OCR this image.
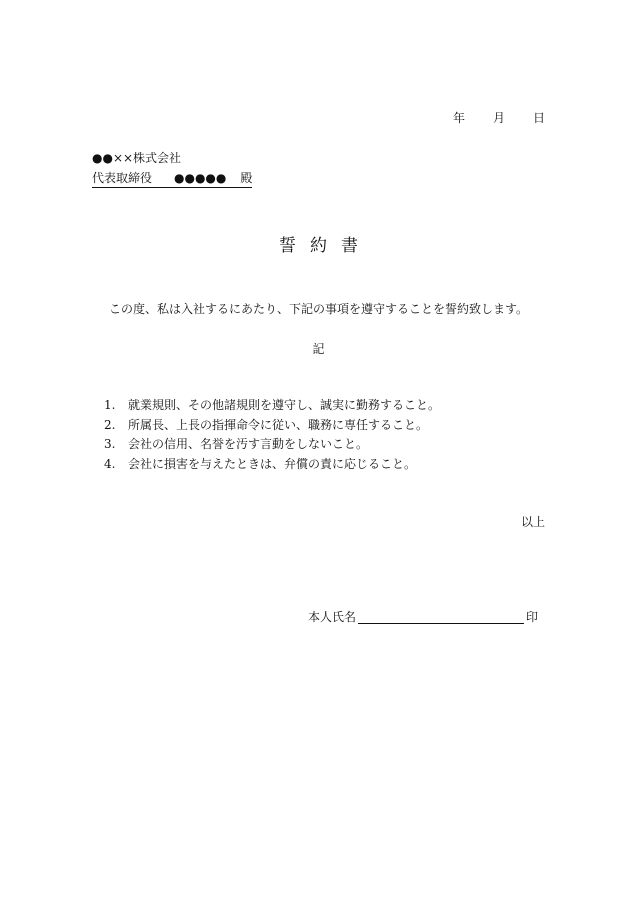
年 月 日
●●××株式会社
代表取締役 ●●●●● 殿
誓約書
この度、私は入社するにあたり、下記の事項を遵守することを誓約致します。
記
1.	就業規則、その他諸規則を遵守し、誠実に勤務すること。
2.	所属長、上長の指揮命令に従い、職務に専任すること。
3.	会社の信用、名誉を汚す言動をしないこと。
4.	会社に損害を与えたときは、弁償の責に応じること。
以上
本人氏名	印
